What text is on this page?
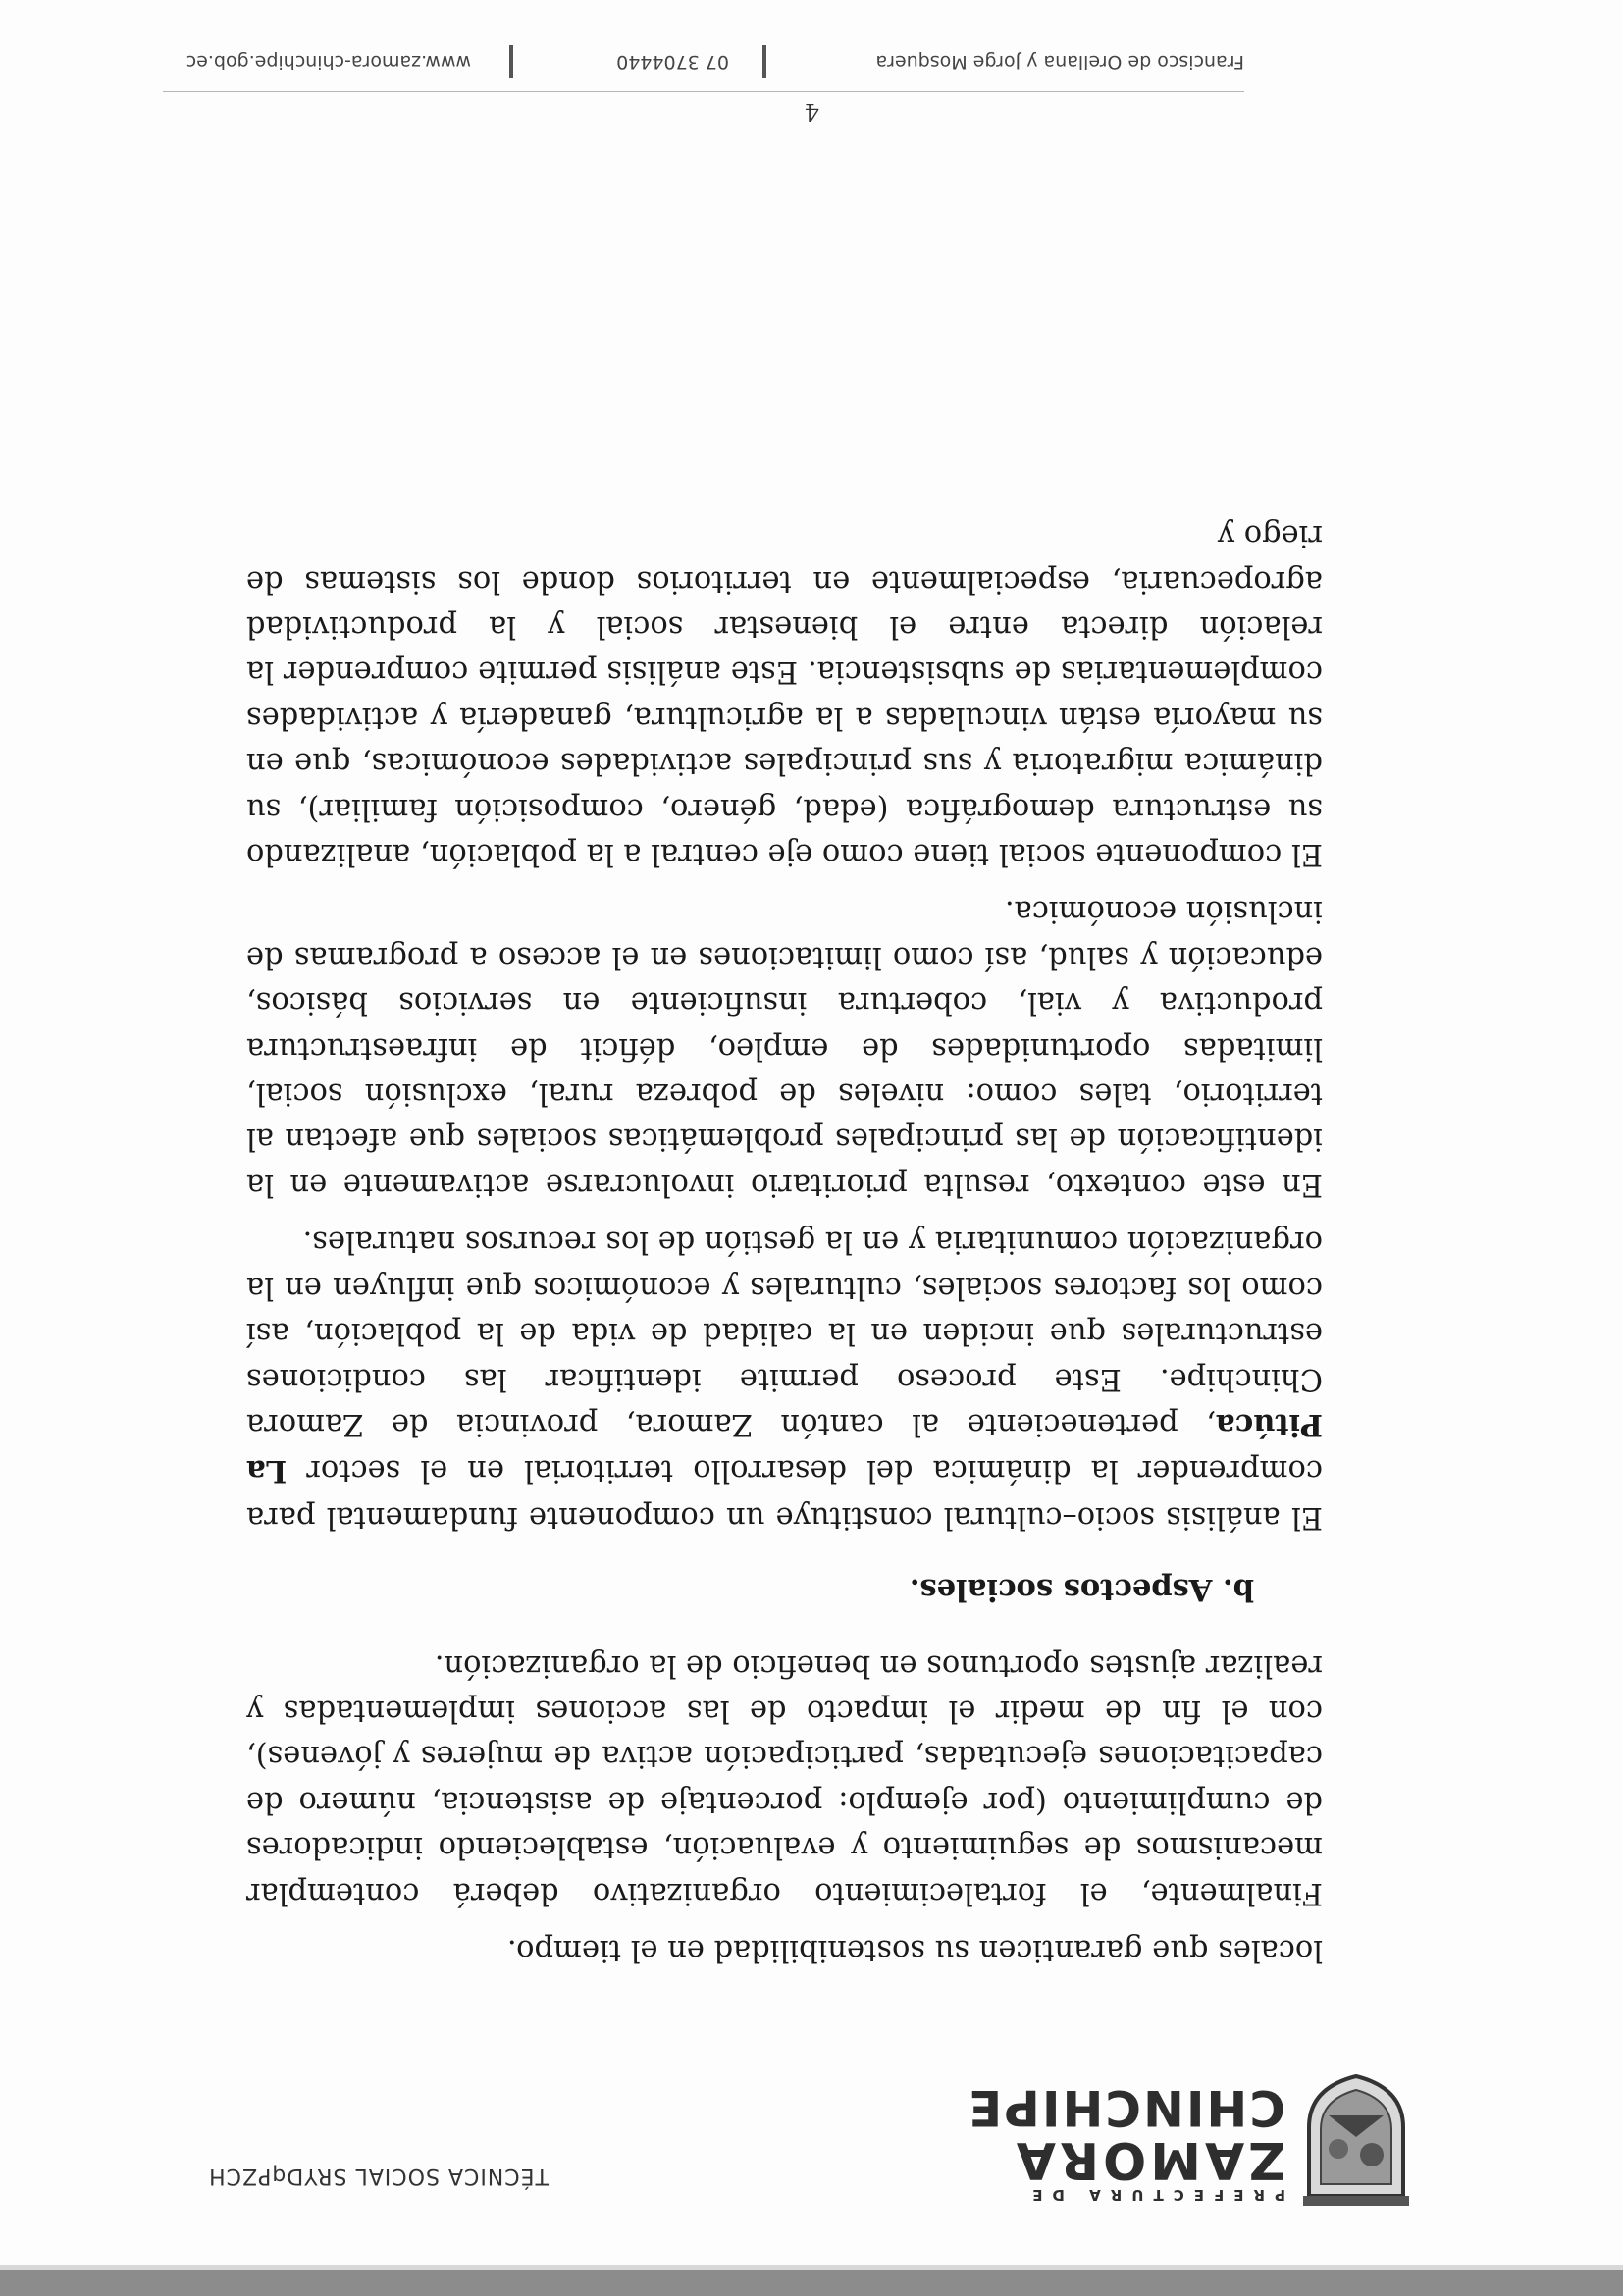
PREFECTURA DE
ZAMORA
CHINCHIPE
TÉCNICA SOCIAL SRYDqPZCH

locales que garanticen su sostenibilidad en el tiempo.

Finalmente, el fortalecimiento organizativo deberá contemplar mecanismos de seguimiento y evaluación, estableciendo indicadores de cumplimiento (por ejemplo: porcentaje de asistencia, número de capacitaciones ejecutadas, participación activa de mujeres y jóvenes), con el fin de medir el impacto de las acciones implementadas y realizar ajustes oportunos en beneficio de la organización.

b. Aspectos sociales.

El análisis socio–cultural constituye un componente fundamental para comprender la dinámica del desarrollo territorial en el sector La Pitúca, perteneciente al cantón Zamora, provincia de Zamora Chinchipe. Este proceso permite identificar las condiciones estructurales que inciden en la calidad de vida de la población, así como los factores sociales, culturales y económicos que influyen en la organización comunitaria y en la gestión de los recursos naturales.

En este contexto, resulta prioritario involucrarse activamente en la identificación de las principales problemáticas sociales que afectan al territorio, tales como: niveles de pobreza rural, exclusión social, limitadas oportunidades de empleo, déficit de infraestructura productiva y vial, cobertura insuficiente en servicios básicos, educación y salud, así como limitaciones en el acceso a programas de inclusión económica.

El componente social tiene como eje central a la población, analizando su estructura demográfica (edad, género, composición familiar), su dinámica migratoria y sus principales actividades económicas, que en su mayoría están vinculadas a la agricultura, ganadería y actividades complementarias de subsistencia. Este análisis permite comprender la relación directa entre el bienestar social y la productividad agropecuaria, especialmente en territorios donde los sistemas de riego y

4
Francisco de Orellana y Jorge Mosquera
07 3704440
www.zamora-chinchipe.gob.ec
